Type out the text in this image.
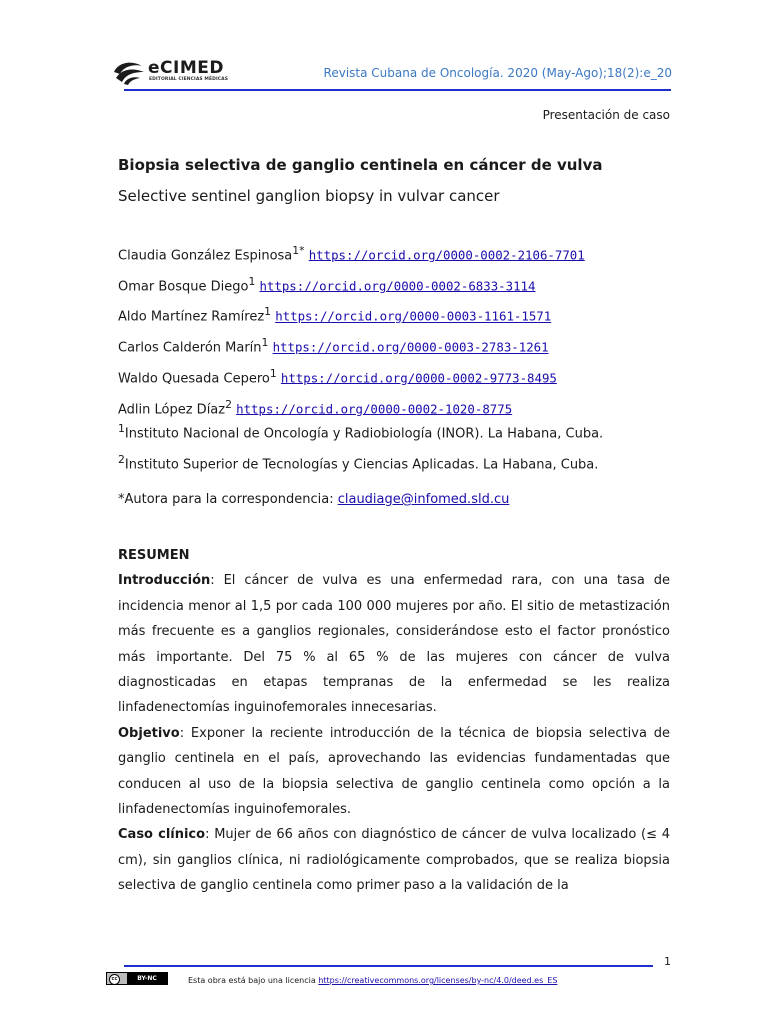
eCIMED
EDITORIAL CIENCIAS MÉDICAS	Revista Cubana de Oncología. 2020 (May-Ago);18(2):e_20
Presentación de caso
Biopsia selectiva de ganglio centinela en cáncer de vulva
Selective sentinel ganglion biopsy in vulvar cancer
Claudia González Espinosa$^{1*}$ https://orcid.org/0000-0002-2106-7701
Omar Bosque Diego$^1$ https://orcid.org/0000-0002-6833-3114
Aldo Martínez Ramírez$^1$ https://orcid.org/0000-0003-1161-1571
Carlos Calderón Marín$^1$ https://orcid.org/0000-0003-2783-1261
Waldo Quesada Cepero$^1$ https://orcid.org/0000-0002-9773-8495
Adlin López Díaz$^2$ https://orcid.org/0000-0002-1020-8775
$^1$Instituto Nacional de Oncología y Radiobiología (INOR). La Habana, Cuba.
$^2$Instituto Superior de Tecnologías y Ciencias Aplicadas. La Habana, Cuba.
*Autora para la correspondencia: claudiage@infomed.sld.cu
RESUMEN

Introducción: El cáncer de vulva es una enfermedad rara, con una tasa de incidencia menor al 1,5 por cada 100 000 mujeres por año. El sitio de metastización más frecuente es a ganglios regionales, considerándose esto el factor pronóstico más importante. Del 75 % al 65 % de las mujeres con cáncer de vulva diagnosticadas en etapas tempranas de la enfermedad se les realiza linfadenectomías inguinofemorales innecesarias.

Objetivo: Exponer la reciente introducción de la técnica de biopsia selectiva de ganglio centinela en el país, aprovechando las evidencias fundamentadas que conducen al uso de la biopsia selectiva de ganglio centinela como opción a la linfadenectomías inguinofemorales.

Caso clínico: Mujer de 66 años con diagnóstico de cáncer de vulva localizado (≤ 4 cm), sin ganglios clínica, ni radiológicamente comprobados, que se realiza biopsia selectiva de ganglio centinela como primer paso a la validación de la

1
cc	BY-NC	Esta obra está bajo una licencia https://creativecommons.org/licenses/by-nc/4.0/deed.es_ES
